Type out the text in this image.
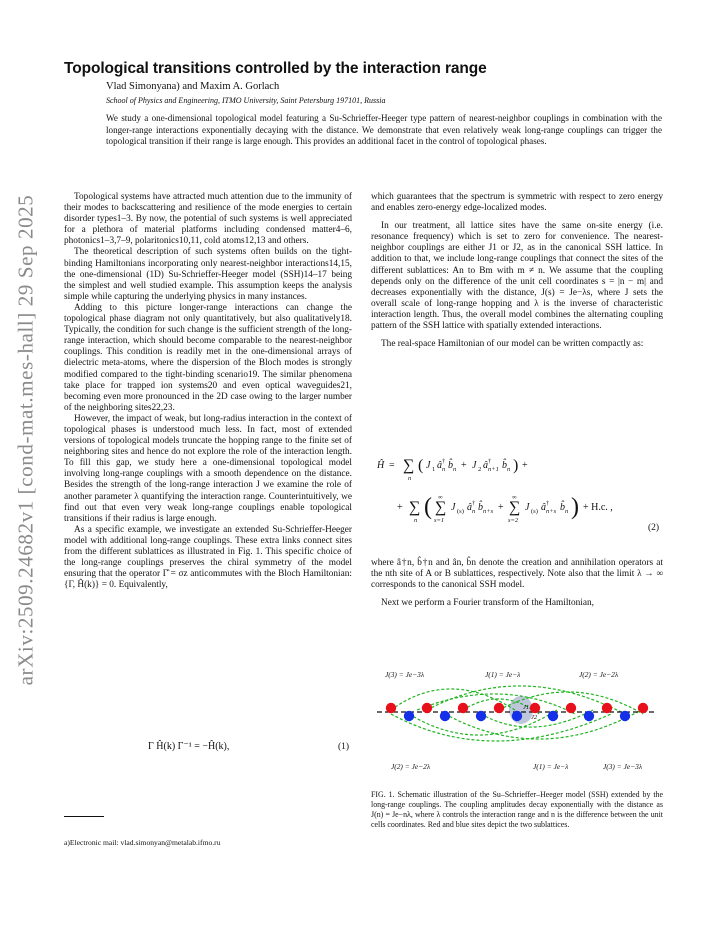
Topological transitions controlled by the interaction range
Vlad Simonyana) and Maxim A. Gorlach
School of Physics and Engineering, ITMO University, Saint Petersburg 197101, Russia
We study a one-dimensional topological model featuring a Su-Schrieffer-Heeger type pattern of nearest-neighbor couplings in combination with the longer-range interactions exponentially decaying with the distance. We demonstrate that even relatively weak long-range couplings can trigger the topological transition if their range is large enough. This provides an additional facet in the control of topological phases.
arXiv:2509.24682v1 [cond-mat.mes-hall] 29 Sep 2025	Topological systems have attracted much attention due to the immunity of their modes to backscattering and resilience of the mode energies to certain disorder types1–3. By now, the potential of such systems is well appreciated for a plethora of material platforms including condensed matter4–6, photonics1–3,7–9, polaritonics10,11, cold atoms12,13 and others.

The theoretical description of such systems often builds on the tight-binding Hamiltonians incorporating only nearest-neighbor interactions14,15, the one-dimensional (1D) Su-Schrieffer-Heeger model (SSH)14–17 being the simplest and well studied example. This assumption keeps the analysis simple while capturing the underlying physics in many instances.

Adding to this picture longer-range interactions can change the topological phase diagram not only quantitatively, but also qualitatively18. Typically, the condition for such change is the sufficient strength of the long-range interaction, which should become comparable to the nearest-neighbor couplings. This condition is readily met in the one-dimensional arrays of dielectric meta-atoms, where the dispersion of the Bloch modes is strongly modified compared to the tight-binding scenario19. The similar phenomena take place for trapped ion systems20 and even optical waveguides21, becoming even more pronounced in the 2D case owing to the larger number of the neighboring sites22,23.

However, the impact of weak, but long-radius interaction in the context of topological phases is understood much less. In fact, most of extended versions of topological models truncate the hopping range to the finite set of neighboring sites and hence do not explore the role of the interaction length. To fill this gap, we study here a one-dimensional topological model involving long-range couplings with a smooth dependence on the distance. Besides the strength of the long-range interaction J we examine the role of another parameter λ quantifying the interaction range. Counterintuitively, we find out that even very weak long-range couplings enable topological transitions if their radius is large enough.

As a specific example, we investigate an extended Su-Schrieffer-Heeger model with additional long-range couplings. These extra links connect sites from the different sublattices as illustrated in Fig. 1. This specific choice of the long-range couplings preserves the chiral symmetry of the model ensuring that the operator Γ̂ = σz anticommutes with the Bloch Hamiltonian: {Γ, Ĥ(k)} = 0. Equivalently,

Γ Ĥ(k) Γ⁻¹ = −Ĥ(k),	(1)
a)Electronic mail: vlad.simonyan@metalab.ifmo.ru

which guarantees that the spectrum is symmetric with respect to zero energy and enables zero-energy edge-localized modes.

In our treatment, all lattice sites have the same on-site energy (i.e. resonance frequency) which is set to zero for convenience. The nearest-neighbor couplings are either J1 or J2, as in the canonical SSH lattice. In addition to that, we include long-range couplings that connect the sites of the different sublattices: An to Bm with m ≠ n. We assume that the coupling depends only on the difference of the unit cell coordinates s = |n − m| and decreases exponentially with the distance, J(s) = Je−λs, where J sets the overall scale of long-range hopping and λ is the inverse of characteristic interaction length. Thus, the overall model combines the alternating coupling pattern of the SSH lattice with spatially extended interactions.

The real-space Hamiltonian of our model can be written compactly as:

Ĥ = ∑
n
( J 1 â †
n b̂ n + J 2 â †
n+1 b̂ n ) +
+ ∑
n
( ∑
∞
s=1
J (s) â †
n b̂ n+s + ∑
∞
s=2
J (s) â †
n+s b̂ n ) + H.c. ,
(2)

where â†n, b̂†n and ân, b̂n denote the creation and annihilation operators at the nth site of A or B sublattices, respectively. Note also that the limit λ → ∞ corresponds to the canonical SSH model.

Next we perform a Fourier transform of the Hamiltonian,

J(3) = Je−3λ	J(1) = Je−λ	J(2) = Je−2λ
J1
J2
J(2) = Je−2λ	J(1) = Je−λ	J(3) = Je−3λ
FIG. 1. Schematic illustration of the Su–Schrieffer–Heeger model (SSH) extended by the long-range couplings. The coupling amplitudes decay exponentially with the distance as J(n) = Je−nλ, where λ controls the interaction range and n is the difference between the unit cells coordinates. Red and blue sites depict the two sublattices.
